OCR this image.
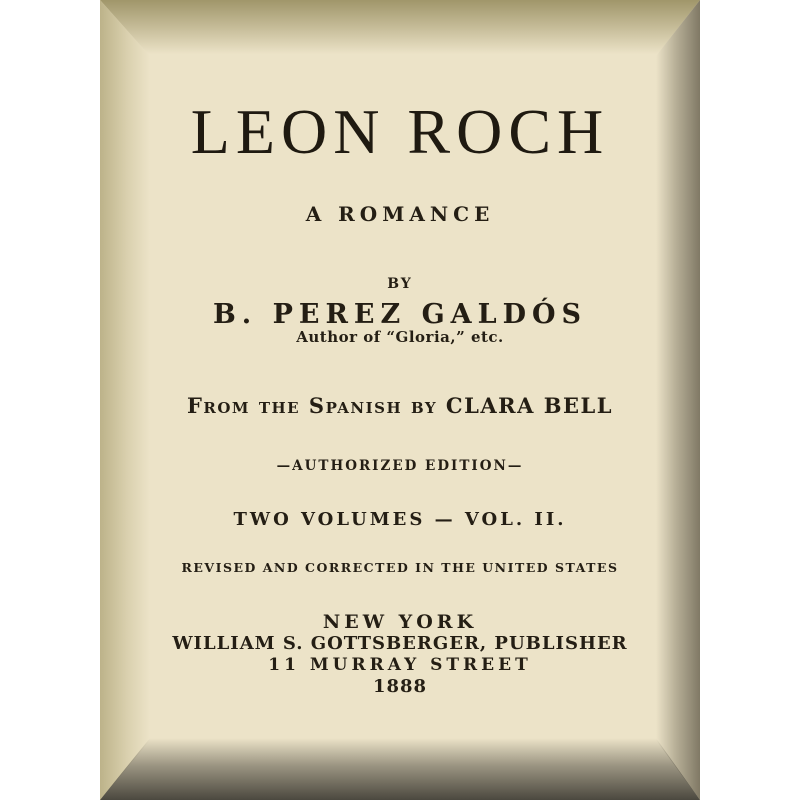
LEON ROCH
A ROMANCE
BY
B. PEREZ GALDÓS
Author of “Gloria,” etc.
From the Spanish by CLARA BELL
—AUTHORIZED EDITION—
TWO VOLUMES — VOL. II.
REVISED AND CORRECTED IN THE UNITED STATES
NEW YORK
WILLIAM S. GOTTSBERGER, PUBLISHER
11 MURRAY STREET
1888
